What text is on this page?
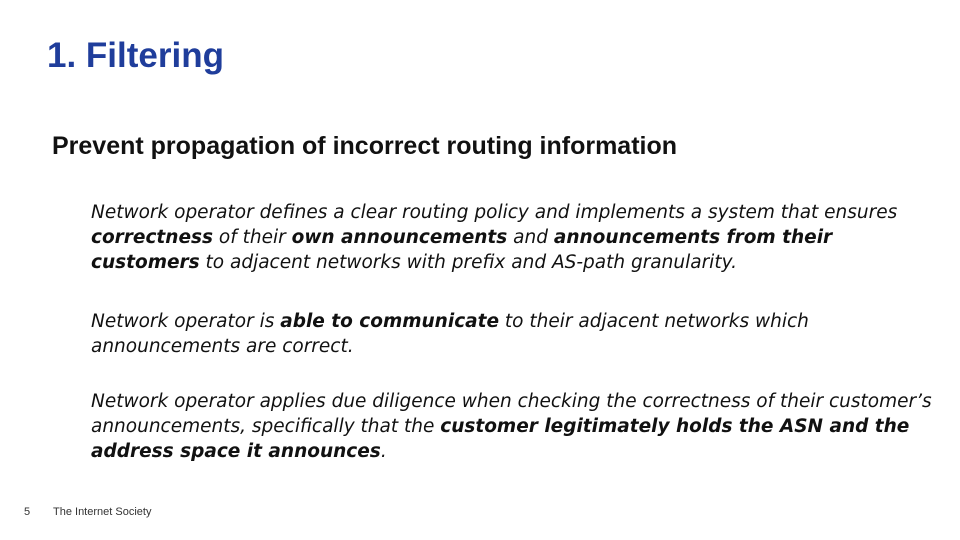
1. Filtering
Prevent propagation of incorrect routing information

Network operator defines a clear routing policy and implements a system that ensures correctness of their own announcements and announcements from their customers to adjacent networks with prefix and AS-path granularity.

Network operator is able to communicate to their adjacent networks which announcements are correct.

Network operator applies due diligence when checking the correctness of their customer’s announcements, specifically that the customer legitimately holds the ASN and the address space it announces.

5 The Internet Society
